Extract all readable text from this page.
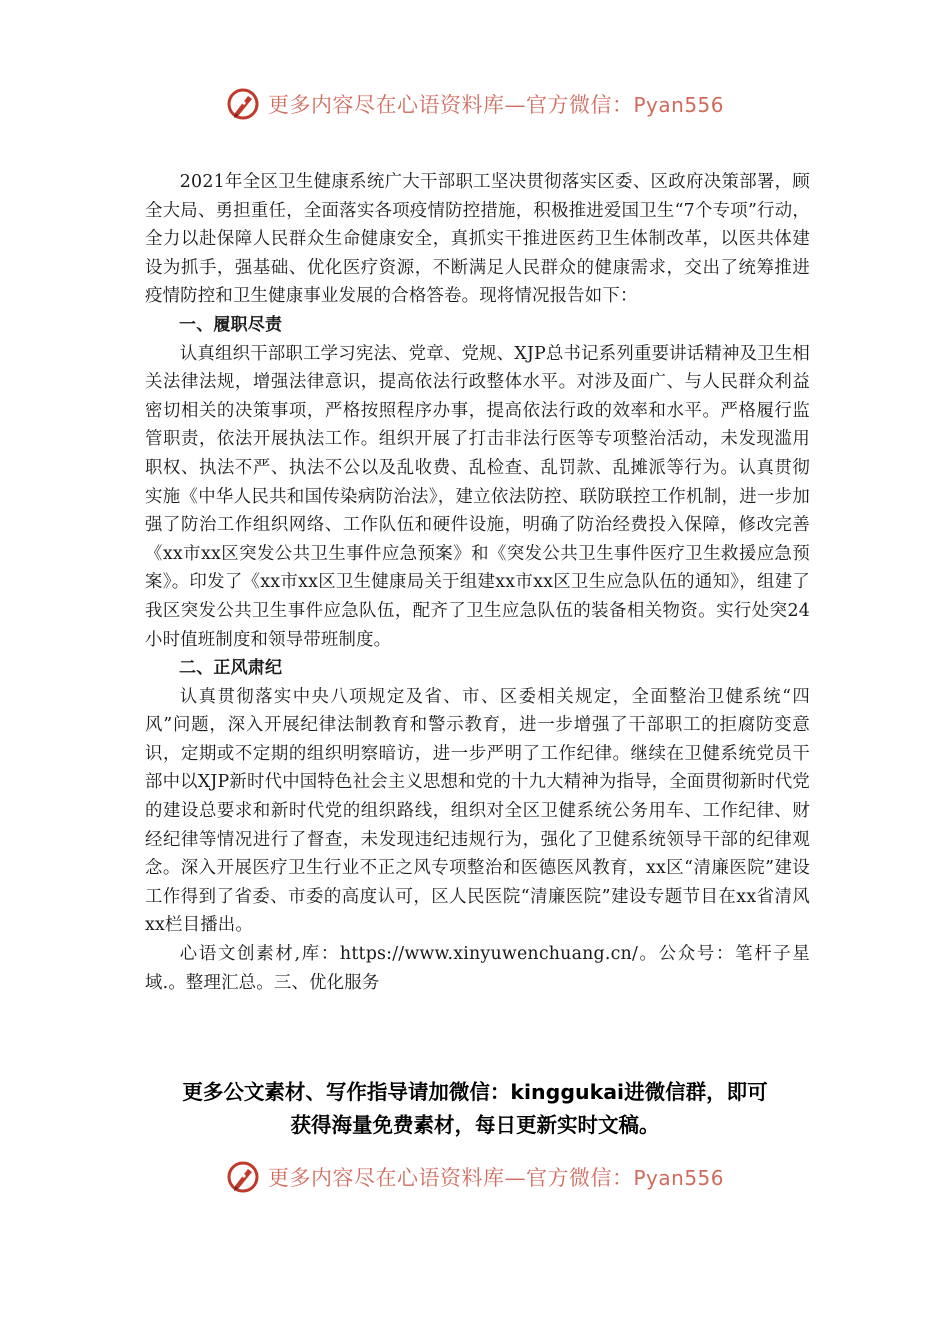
更多内容尽在心语资料库—官方微信：Pyan556

2021年全区卫生健康系统广大干部职工坚决贯彻落实区委、区政府决策部署，顾全大局、勇担重任，全面落实各项疫情防控措施，积极推进爱国卫生“7个专项”行动，全力以赴保障人民群众生命健康安全，真抓实干推进医药卫生体制改革，以医共体建设为抓手，强基础、优化医疗资源，不断满足人民群众的健康需求，交出了统筹推进疫情防控和卫生健康事业发展的合格答卷。现将情况报告如下：

一、履职尽责

认真组织干部职工学习宪法、党章、党规、XJP总书记系列重要讲话精神及卫生相关法律法规，增强法律意识，提高依法行政整体水平。对涉及面广、与人民群众利益密切相关的决策事项，严格按照程序办事，提高依法行政的效率和水平。严格履行监管职责，依法开展执法工作。组织开展了打击非法行医等专项整治活动，未发现滥用职权、执法不严、执法不公以及乱收费、乱检查、乱罚款、乱摊派等行为。认真贯彻实施《中华人民共和国传染病防治法》，建立依法防控、联防联控工作机制，进一步加强了防治工作组织网络、工作队伍和硬件设施，明确了防治经费投入保障，修改完善《xx市xx区突发公共卫生事件应急预案》和《突发公共卫生事件医疗卫生救援应急预案》。印发了《xx市xx区卫生健康局关于组建xx市xx区卫生应急队伍的通知》，组建了我区突发公共卫生事件应急队伍，配齐了卫生应急队伍的装备相关物资。实行处突24小时值班制度和领导带班制度。

二、正风肃纪

认真贯彻落实中央八项规定及省、市、区委相关规定，全面整治卫健系统“四风”问题，深入开展纪律法制教育和警示教育，进一步增强了干部职工的拒腐防变意识，定期或不定期的组织明察暗访，进一步严明了工作纪律。继续在卫健系统党员干部中以XJP新时代中国特色社会主义思想和党的十九大精神为指导，全面贯彻新时代党的建设总要求和新时代党的组织路线，组织对全区卫健系统公务用车、工作纪律、财经纪律等情况进行了督查，未发现违纪违规行为，强化了卫健系统领导干部的纪律观念。深入开展医疗卫生行业不正之风专项整治和医德医风教育，xx区“清廉医院”建设工作得到了省委、市委的高度认可，区人民医院“清廉医院”建设专题节目在xx省清风xx栏目播出。

心语文创素材,库：https://www.xinyuwenchuang.cn/。公众号：笔杆子星域.。整理汇总。三、优化服务

更多公文素材、写作指导请加微信：kinggukai进微信群，即可
获得海量免费素材，每日更新实时文稿。
更多内容尽在心语资料库—官方微信：Pyan556
